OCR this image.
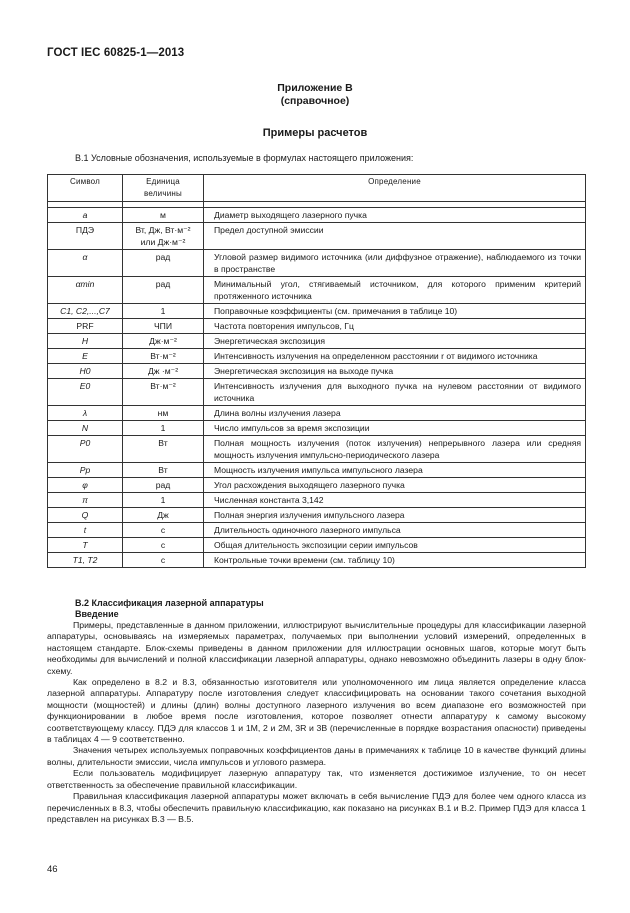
ГОСТ IEC 60825-1—2013
Приложение В
(справочное)
Примеры расчетов
В.1 Условные обозначения, используемые в формулах настоящего приложения:
Символ	Единица величины	Определение

a	м	Диаметр выходящего лазерного пучка
ПДЭ	Вт, Дж, Вт·м⁻² или Дж·м⁻²	Предел доступной эмиссии
α	рад	Угловой размер видимого источника (или диффузное отражение), наблюдаемого из точки в пространстве
αmin	рад	Минимальный угол, стягиваемый источником, для которого применим критерий протяженного источника
C1, C2,...,C7	1	Поправочные коэффициенты (см. примечания в таблице 10)
PRF	ЧПИ	Частота повторения импульсов, Гц
H	Дж·м⁻²	Энергетическая экспозиция
E	Вт·м⁻²	Интенсивность излучения на определенном расстоянии r от видимого источника
H0	Дж ·м⁻²	Энергетическая экспозиция на выходе пучка
E0	Вт·м⁻²	Интенсивность излучения для выходного пучка на нулевом расстоянии от видимого источника
λ	нм	Длина волны излучения лазера
N	1	Число импульсов за время экспозиции
P0	Вт	Полная мощность излучения (поток излучения) непрерывного лазера или средняя мощность излучения импульсно-периодического лазера
Pp	Вт	Мощность излучения импульса импульсного лазера
φ	рад	Угол расхождения выходящего лазерного пучка
π	1	Численная константа 3,142
Q	Дж	Полная энергия излучения импульсного лазера
t	с	Длительность одиночного лазерного импульса
T	с	Общая длительность экспозиции серии импульсов
T1, T2	с	Контрольные точки времени (см. таблицу 10)
В.2 Классификация лазерной аппаратуры
Введение

Примеры, представленные в данном приложении, иллюстрируют вычислительные процедуры для классификации лазерной аппаратуры, основываясь на измеряемых параметрах, получаемых при выполнении условий измерений, определенных в настоящем стандарте. Блок-схемы приведены в данном приложении для иллюстрации основных шагов, которые могут быть необходимы для вычислений и полной классификации лазерной аппаратуры, однако невозможно объединить лазеры в одну блок-схему.

Как определено в 8.2 и 8.3, обязанностью изготовителя или уполномоченного им лица является определение класса лазерной аппаратуры. Аппаратуру после изготовления следует классифицировать на основании такого сочетания выходной мощности (мощностей) и длины (длин) волны доступного лазерного излучения во всем диапазоне его возможностей при функционировании в любое время после изготовления, которое позволяет отнести аппаратуру к самому высокому соответствующему классу. ПДЭ для классов 1 и 1М, 2 и 2М, 3R и 3В (перечисленные в порядке возрастания опасности) приведены в таблицах 4 — 9 соответственно.

Значения четырех используемых поправочных коэффициентов даны в примечаниях к таблице 10 в качестве функций длины волны, длительности эмиссии, числа импульсов и углового размера.

Если пользователь модифицирует лазерную аппаратуру так, что изменяется достижимое излучение, то он несет ответственность за обеспечение правильной классификации.

Правильная классификация лазерной аппаратуры может включать в себя вычисление ПДЭ для более чем одного класса из перечисленных в 8.3, чтобы обеспечить правильную классификацию, как показано на рисунках В.1 и В.2. Пример ПДЭ для класса 1 представлен на рисунках В.3 — В.5.

46
